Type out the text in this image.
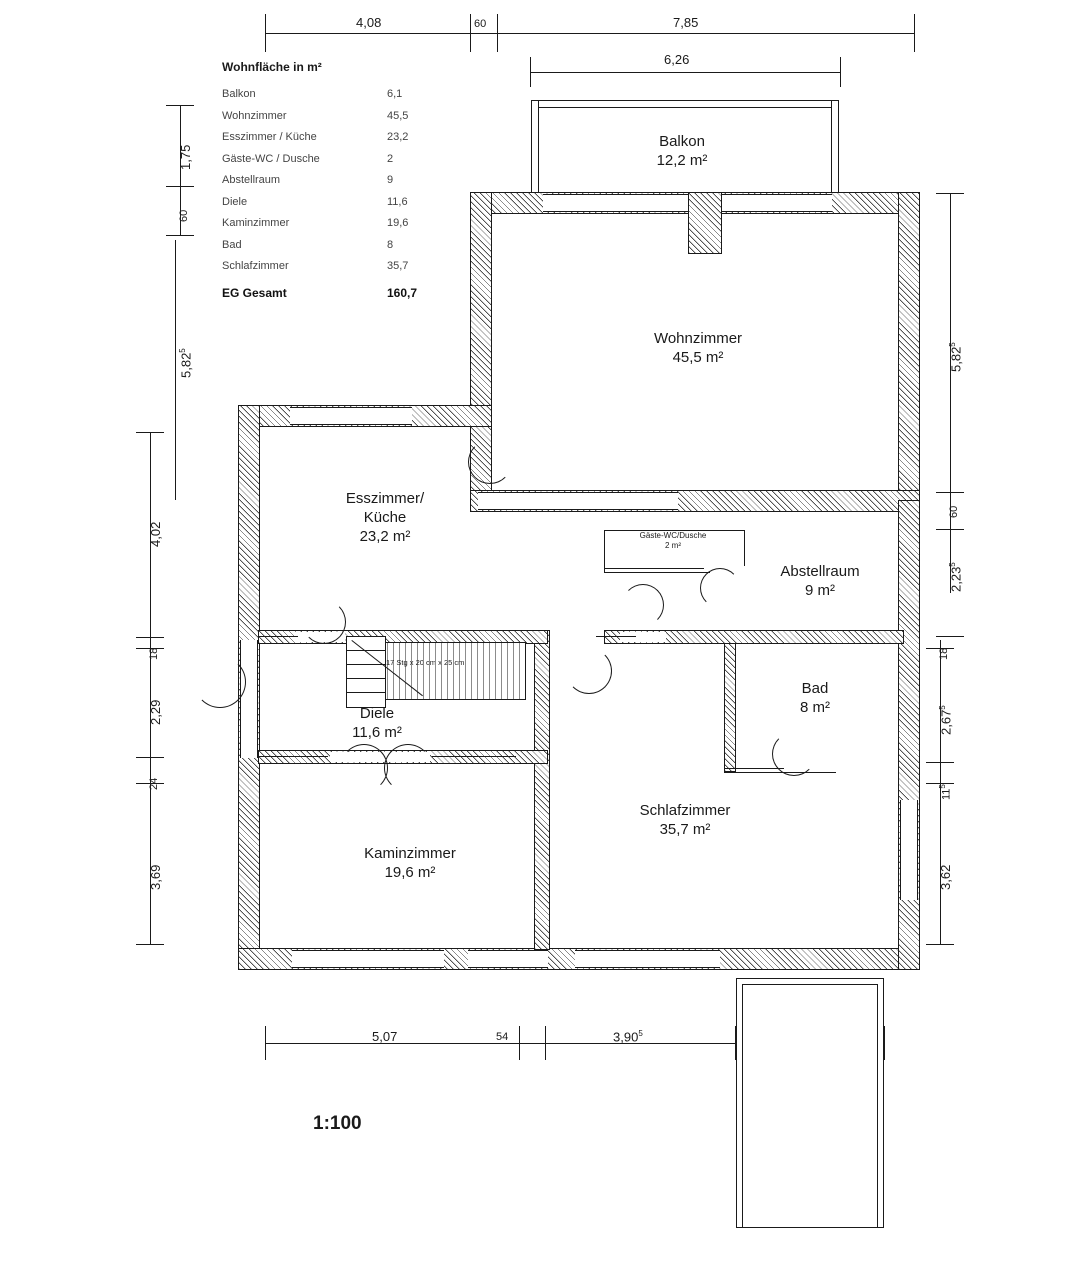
Wohnfläche in m²
Balkon	6,1
Wohnzimmer	45,5
Esszimmer / Küche	23,2
Gäste-WC / Dusche	2
Abstellraum	9
Diele	11,6
Kaminzimmer	19,6
Bad	8
Schlafzimmer	35,7
EG Gesamt	160,7
4,08	60	7,85
6,26
1,75
60
5,82$^5$
4,02
18
2,29
24
3,69
5,82$^5$
60
2,23$^5$
18
2,67$^5$
$11^5$
3,62
5,07	54	3,90$^5$
Balkon
12,2 m²
Wohnzimmer
45,5 m²
Gäste-WC/Dusche
2 m²
17 Stg x 20 cm x 25 cm
Esszimmer/
Küche
23,2 m²
Abstellraum
9 m²
Diele
11,6 m²
Bad
8 m²
Kaminzimmer
19,6 m²
Schlafzimmer
35,7 m²
1:100
